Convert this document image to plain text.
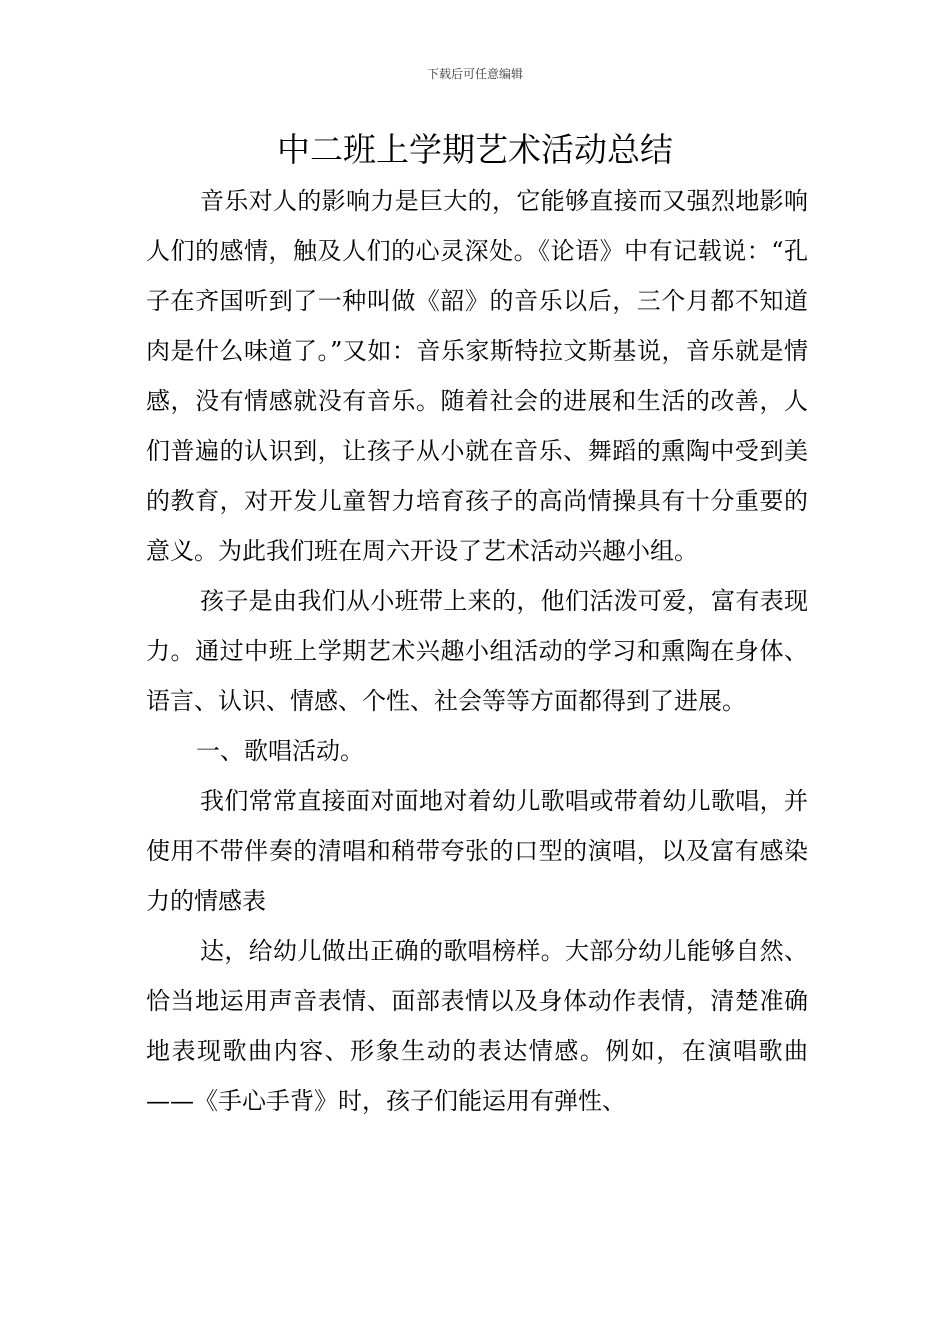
下载后可任意编辑
中二班上学期艺术活动总结

音乐对人的影响力是巨大的，它能够直接而又强烈地影响人们的感情，触及人们的心灵深处。《论语》中有记载说：“孔子在齐国听到了一种叫做《韶》的音乐以后，三个月都不知道肉是什么味道了。”又如：音乐家斯特拉文斯基说，音乐就是情感，没有情感就没有音乐。随着社会的进展和生活的改善，人们普遍的认识到，让孩子从小就在音乐、舞蹈的熏陶中受到美的教育，对开发儿童智力培育孩子的高尚情操具有十分重要的意义。为此我们班在周六开设了艺术活动兴趣小组。

孩子是由我们从小班带上来的，他们活泼可爱，富有表现力。通过中班上学期艺术兴趣小组活动的学习和熏陶在身体、语言、认识、情感、个性、社会等等方面都得到了进展。

一、歌唱活动。

我们常常直接面对面地对着幼儿歌唱或带着幼儿歌唱，并使用不带伴奏的清唱和稍带夸张的口型的演唱，以及富有感染力的情感表

达，给幼儿做出正确的歌唱榜样。大部分幼儿能够自然、恰当地运用声音表情、面部表情以及身体动作表情，清楚准确地表现歌曲内容、形象生动的表达情感。例如，在演唱歌曲——《手心手背》时，孩子们能运用有弹性、
